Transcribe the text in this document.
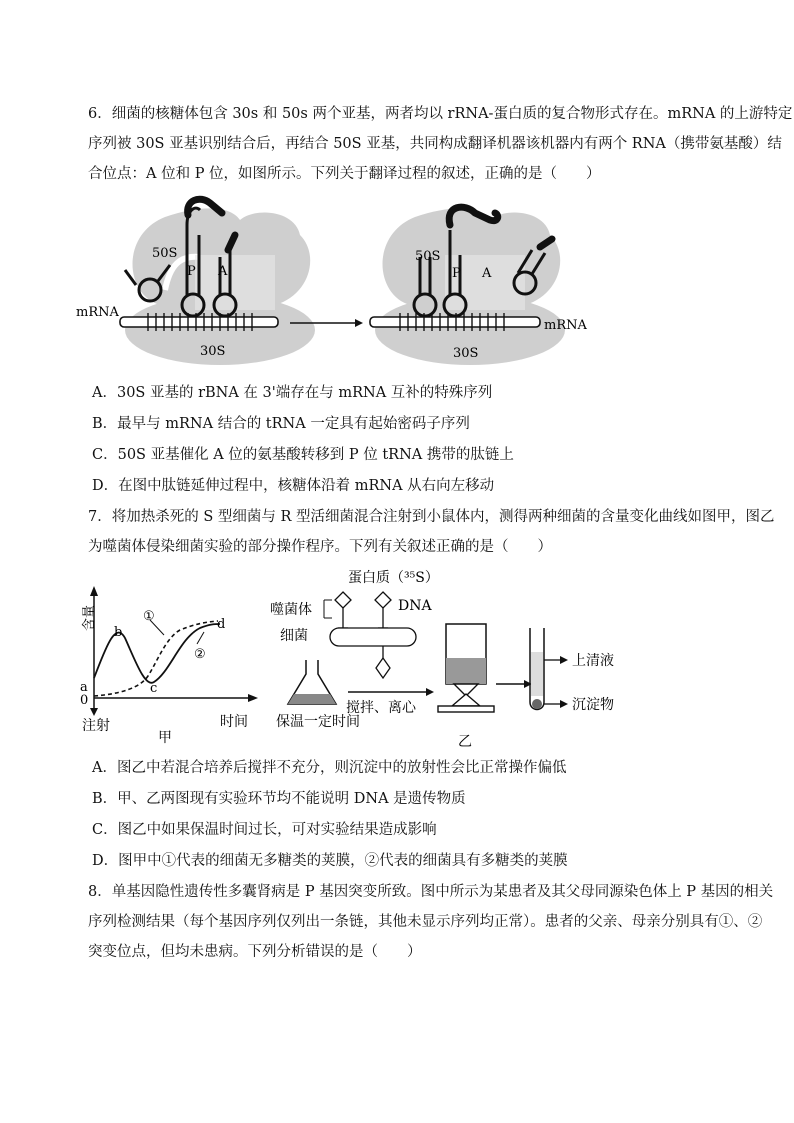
6．细菌的核糖体包含 30s 和 50s 两个亚基，两者均以 rRNA-蛋白质的复合物形式存在。mRNA 的上游特定
序列被 30S 亚基识别结合后，再结合 50S 亚基，共同构成翻译机器该机器内有两个 RNA（携带氨基酸）结
合位点：A 位和 P 位，如图所示。下列关于翻译过程的叙述，正确的是（　　）
50S
P A
30S
mRNA
50S
P A
30S
mRNA
A．30S 亚基的 rBNA 在 3'端存在与 mRNA 互补的特殊序列
B．最早与 mRNA 结合的 tRNA 一定具有起始密码子序列
C．50S 亚基催化 A 位的氨基酸转移到 P 位 tRNA 携带的肽链上
D．在图中肽链延伸过程中，核糖体沿着 mRNA 从右向左移动
7．将加热杀死的 S 型细菌与 R 型活细菌混合注射到小鼠体内，测得两种细菌的含量变化曲线如图甲，图乙
为噬菌体侵染细菌实验的部分操作程序。下列有关叙述正确的是（　　）
含量
a
0
b
c
d
①
②
注射	时间
甲
蛋白质（³⁵S）
噬菌体	DNA
细菌
保温一定时间
搅拌、离心
乙
上清液
沉淀物
A．图乙中若混合培养后搅拌不充分，则沉淀中的放射性会比正常操作偏低
B．甲、乙两图现有实验环节均不能说明 DNA 是遗传物质
C．图乙中如果保温时间过长，可对实验结果造成影响
D．图甲中①代表的细菌无多糖类的荚膜，②代表的细菌具有多糖类的荚膜
8．单基因隐性遗传性多囊肾病是 P 基因突变所致。图中所示为某患者及其父母同源染色体上 P 基因的相关
序列检测结果（每个基因序列仅列出一条链，其他未显示序列均正常）。患者的父亲、母亲分别具有①、②
突变位点，但均未患病。下列分析错误的是（　　）
